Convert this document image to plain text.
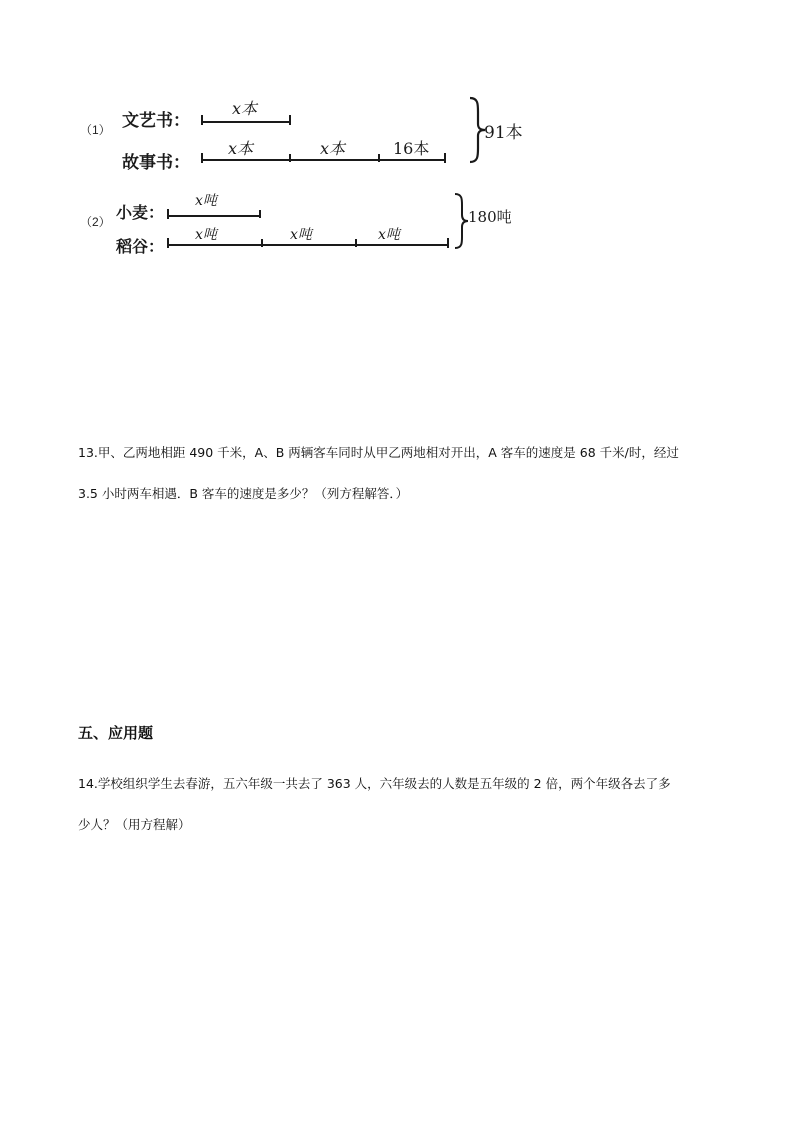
（1） 文艺书：
故事书：
x本
x本	x本	16本
91本
（2） 小麦：
稻谷：
x吨
x吨	x吨	x吨
180吨
13.甲、乙两地相距 490 千米，A、B 两辆客车同时从甲乙两地相对开出，A 客车的速度是 68 千米/时，经过
3.5 小时两车相遇．B 客车的速度是多少？（列方程解答．）
五、应用题
14.学校组织学生去春游，五六年级一共去了 363 人，六年级去的人数是五年级的 2 倍，两个年级各去了多
少人？（用方程解）
